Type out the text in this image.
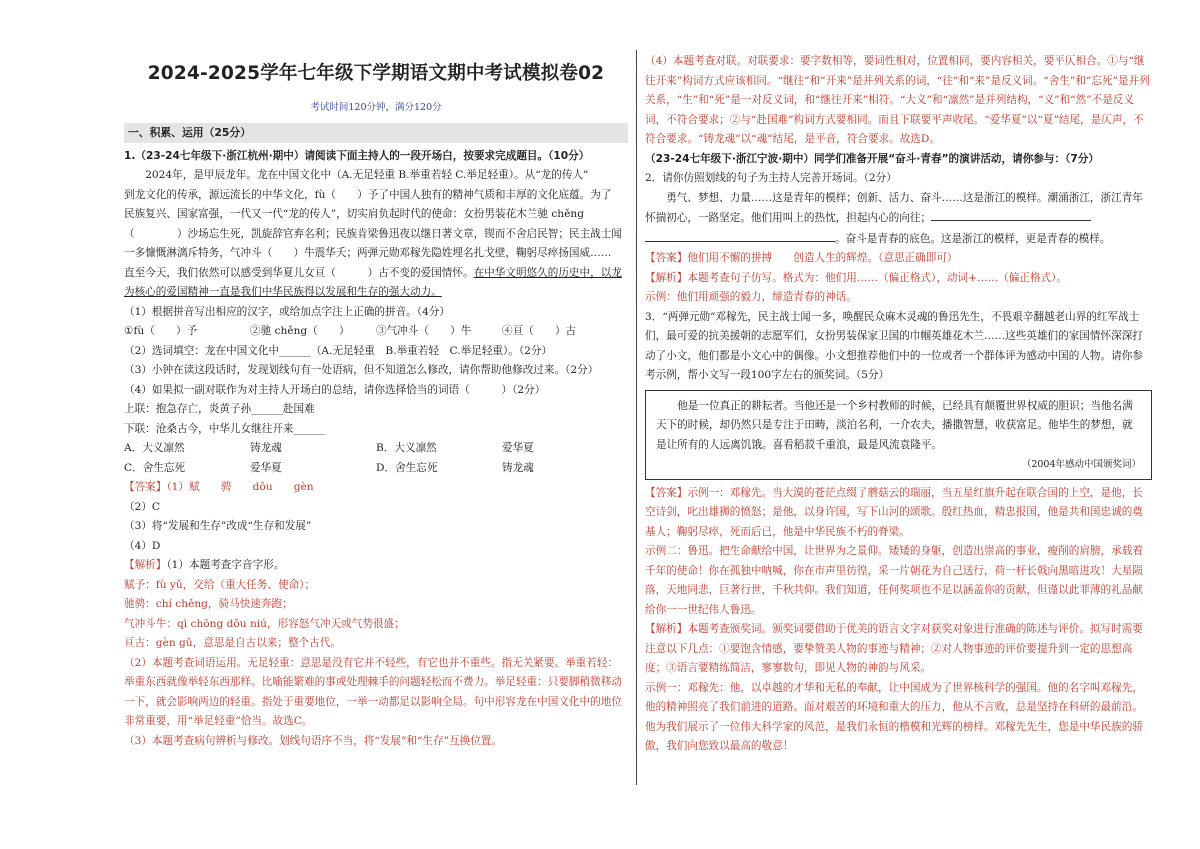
2024-2025学年七年级下学期语文期中考试模拟卷02
考试时间120分钟，满分120分
一、积累、运用（25分）

1.（23-24七年级下·浙江杭州·期中）请阅读下面主持人的一段开场白，按要求完成题目。（10分）

2024年，是甲辰龙年。龙在中国文化中（A.无足轻重 B.举重若轻 C.举足轻重）。从“龙的传人”

到龙文化的传承，源远流长的中华文化，fù（　　）予了中国人独有的精神气质和丰厚的文化底蕴。为了

民族复兴、国家富强，一代又一代“龙的传人”，切实肩负起时代的使命：女扮男装花木兰驰 chěng

（　　　　）沙场忘生死，凯旋辞官弃名利；民族肯梁鲁迅夜以继日著文章，锲而不舍启民智；民主战士闻

一多慷慨淋漓斥特务，气冲斗（　　）牛震华夭；两弹元勋邓稼先隐姓埋名扎戈壁，鞠躬尽瘁扬国威……

直至今天，我们依然可以感受到华夏儿女亘（　　　）古不变的爱国情怀。在中华文明悠久的历史中，以龙为核心的爱国精神一直是我们中华民族得以发展和生存的强大动力。

（1）根据拼音写出相应的汉字，或给加点字注上正确的拼音。（4分）

①fù（　　）予	②驰 chěng（　　）	③气冲斗（　　）牛	④亘（　　）古

（2）选词填空：龙在中国文化中______（A.无足轻重　B.举重若轻　C.举足轻重）。（2分）

（3）小钟在读这段话时，发现划线句有一处语病，但不知道怎么修改，请你帮助他修改过来。（2分）

（4）如果拟一副对联作为对主持人开场白的总结，请你选择恰当的词语（　　　）（2分）

上联：抱急存亡，炎黄子孙______赴国难

下联：沧桑古今，中华儿女继往开来______

A．大义凛然	铸龙魂	B．大义凛然	爱华夏
C．舍生忘死	爱华夏	D．舍生忘死	铸龙魂

【答案】（1）赋　　骋　　dǒu　　gèn

（2）C

（3）将“发展和生存”改成“生存和发展”

（4）D

【解析】（1）本题考查字音字形。

赋予：fù yǔ，交给（重大任务、使命）；

驰骋：chí chěng，骑马快速奔跑；

气冲斗牛：qì chōng dǒu niú，形容怒气冲天或气势很盛；

亘古：gèn gǔ，意思是自古以来；整个古代。

（2）本题考查词语运用。无足轻重：意思是没有它并不轻些，有它也并不重些。指无关紧要。举重若轻：举重东西就像举轻东西那样。比喻能繁难的事或处理棘手的问题轻松而不费力。举足轻重：只要脚稍微移动一下，就会影响两边的轻重。指处于重要地位，一举一动都足以影响全局。句中形容龙在中国文化中的地位非常重要，用“举足轻重”恰当。故选C。

（3）本题考查病句辨析与修改。划线句语序不当，将“发展”和“生存”互换位置。

（4）本题考查对联。对联要求：要字数相等，要词性相对，位置相同，要内容相关，要平仄相合。①与“继往开来”构词方式应该相同。“继往”和“开来”是并列关系的词，“往”和“来”是反义词。“舍生”和“忘死”是并列关系，“生”和“死”是一对反义词，和“继往开来”相符。“大义”和“凛然”是并列结构，“义”和“然”不是反义词，不符合要求；②与“赴国难”构词方式要相同。而且下联要平声收尾。“爱华夏”以“夏”结尾，是仄声，不符合要求。“铸龙魂”以“魂”结尾，是平音，符合要求。故选D。

（23-24七年级下·浙江宁波·期中）同学们准备开展“奋斗·青春”的演讲活动，请你参与：（7分）

2．请你仿照划线的句子为主持人完善开场词。（2分）

勇气、梦想、力量……这是青年的模样；创新、活力、奋斗……这是浙江的模样。潮涌浙江，浙江青年怀揣初心，一路坚定。他们用叫上的热忱，担起内心的向往；

。奋斗是青春的底色。这是浙江的模样，更是青春的模样。

【答案】他们用不懈的拼搏　　创造人生的辉煌。（意思正确即可）

【解析】本题考查句子仿写。格式为：他们用……（偏正格式），动词+……（偏正格式）。

示例：他们用顽强的毅力，缔造青春的神话。

3．“两弹元勋”邓稼先，民主战士闻一多，唤醒民众麻木灵魂的鲁迅先生，不畏艰辛翻越老山界的红军战士们，最可爱的抗美援朝的志愿军们，女扮男装保家卫国的巾帼英雄花木兰……这些英雄们的家国情怀深深打动了小文，他们都是小文心中的偶像。小文想推荐他们中的一位或者一个群体评为感动中国的人物。请你参考示例，帮小文写一段100字左右的颁奖词。（5分）

他是一位真正的耕耘者。当他还是一个乡村教师的时候，已经具有颠覆世界权威的胆识；当他名满天下的时候，却仍然只是专注于田畴，淡泊名利，一介农夫，播撒智慧，收获富足。他毕生的梦想，就是让所有的人远离饥饿。喜看稻菽千重浪，最是风流袁隆平。

（2004年感动中国颁奖词）

【答案】示例一：邓稼先。当大漠的苍茫点缀了蘑菇云的瑞丽，当五星红旗升起在联合国的上空，是他，长空诗剑，叱出雄狮的愤怒；是他，以身许国，写下山河的颂歌。殷红热血，精忠报国，他是共和国忠诚的奠基人；鞠躬尽瘁，死而后已，他是中华民族不朽的脊梁。

示例二：鲁迅。把生命献给中国，让世界为之景仰。矮矮的身躯，创造出崇高的事业，瘦削的肩膀，承载着千年的使命！你在孤独中呐喊，你在市声里彷徨，采一片朝花为自己送行，荷一杆长戟向黑暗进攻！大星陨落，天地同悲，巨著行世，千秋共仰。我们知道，任何奖项也不足以涵盖你的贡献，但谨以此菲薄的礼品献给你一一世纪伟人鲁迅。

【解析】本题考查颁奖词。颁奖词要借助于优美的语言文字对获奖对象进行准确的陈述与评价。拟写时需要注意以下几点：①要饱含情感，要挚赞美人物的事迹与精神；②对人物事迹的评价要提升到一定的思想高度；③语言要精练简洁，寥寥数句，即见人物的神韵与风采。

示例一：邓稼先：他，以卓越的才华和无私的奉献，让中国成为了世界核科学的强国。他的名字叫邓稼先，他的精神照亮了我们前进的道路。面对艰苦的环境和重大的压力，他从不言败，总是坚持在科研的最前沿。他为我们展示了一位伟大科学家的风范，是我们永恒的楷模和光辉的榜样。邓稼先先生，您是中华民族的骄傲，我们向您致以最高的敬意！
